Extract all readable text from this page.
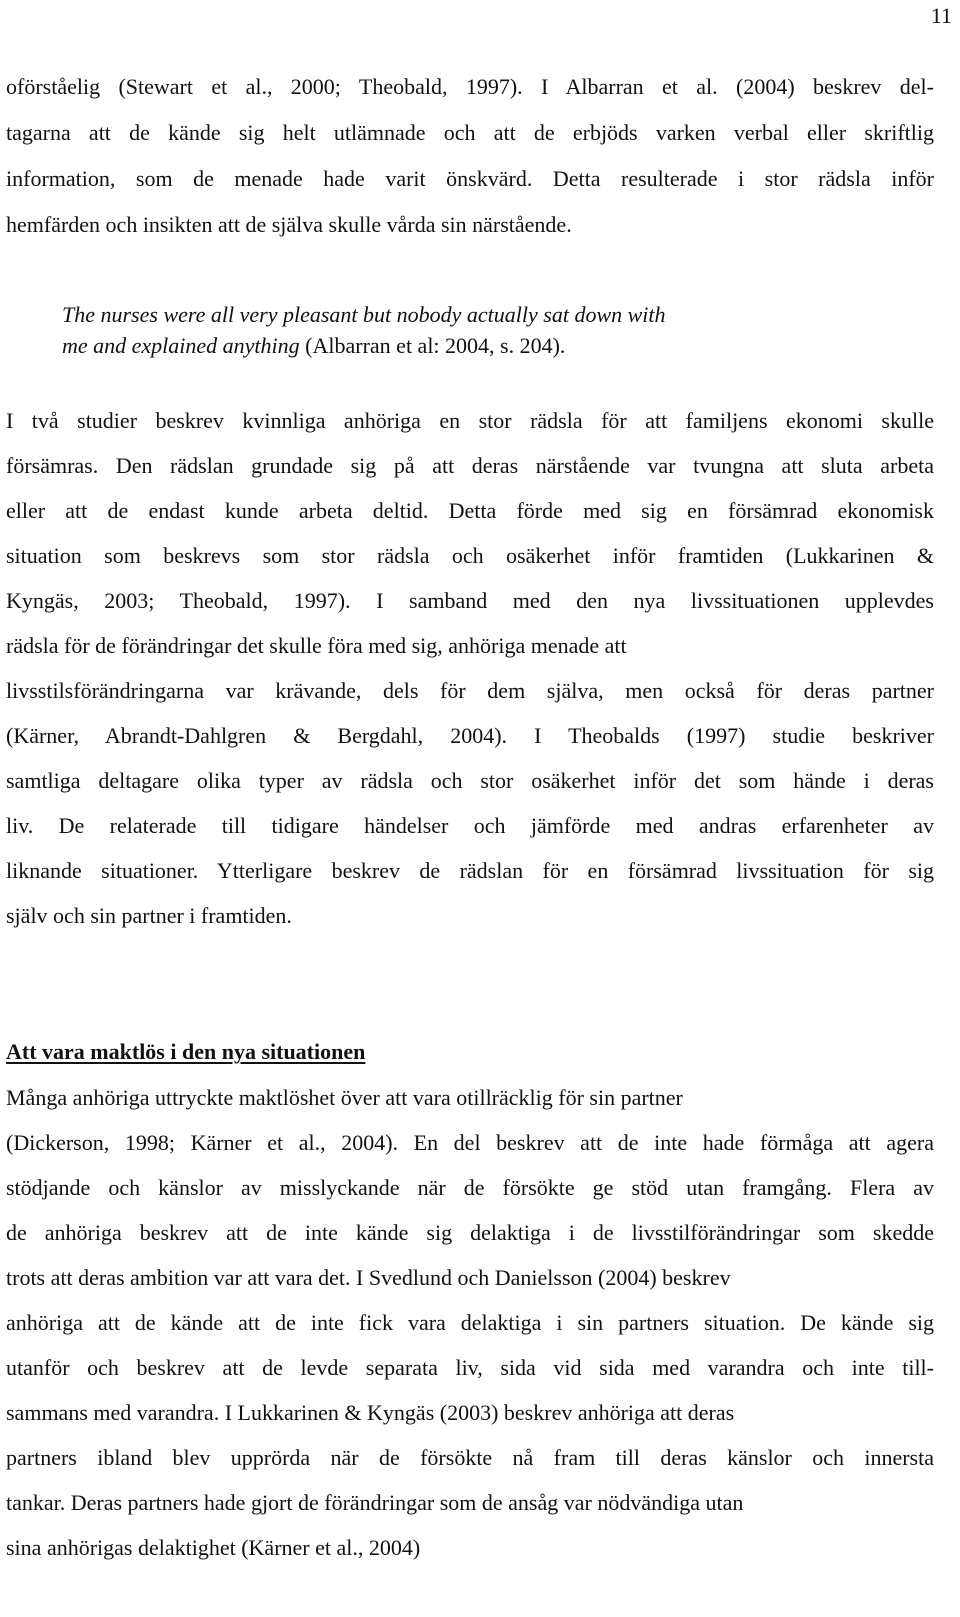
11
oförståelig (Stewart et al., 2000; Theobald, 1997). I Albarran et al. (2004) beskrev del-
tagarna att de kände sig helt utlämnade och att de erbjöds varken verbal eller skriftlig
information, som de menade hade varit önskvärd. Detta resulterade i stor rädsla inför
hemfärden och insikten att de själva skulle vårda sin närstående.
The nurses were all very pleasant but nobody actually sat down with
me and explained anything (Albarran et al: 2004, s. 204).
I två studier beskrev kvinnliga anhöriga en stor rädsla för att familjens ekonomi skulle
försämras. Den rädslan grundade sig på att deras närstående var tvungna att sluta arbeta
eller att de endast kunde arbeta deltid. Detta förde med sig en försämrad ekonomisk
situation som beskrevs som stor rädsla och osäkerhet inför framtiden (Lukkarinen &
Kyngäs, 2003; Theobald, 1997). I samband med den nya livssituationen upplevdes
rädsla för de förändringar det skulle föra med sig, anhöriga menade att
livsstilsförändringarna var krävande, dels för dem själva, men också för deras partner
(Kärner, Abrandt-Dahlgren & Bergdahl, 2004). I Theobalds (1997) studie beskriver
samtliga deltagare olika typer av rädsla och stor osäkerhet inför det som hände i deras
liv. De relaterade till tidigare händelser och jämförde med andras erfarenheter av
liknande situationer. Ytterligare beskrev de rädslan för en försämrad livssituation för sig
själv och sin partner i framtiden.
Att vara maktlös i den nya situationen
Många anhöriga uttryckte maktlöshet över att vara otillräcklig för sin partner
(Dickerson, 1998; Kärner et al., 2004). En del beskrev att de inte hade förmåga att agera
stödjande och känslor av misslyckande när de försökte ge stöd utan framgång. Flera av
de anhöriga beskrev att de inte kände sig delaktiga i de livsstilförändringar som skedde
trots att deras ambition var att vara det. I Svedlund och Danielsson (2004) beskrev
anhöriga att de kände att de inte fick vara delaktiga i sin partners situation. De kände sig
utanför och beskrev att de levde separata liv, sida vid sida med varandra och inte till-
sammans med varandra. I Lukkarinen & Kyngäs (2003) beskrev anhöriga att deras
partners ibland blev upprörda när de försökte nå fram till deras känslor och innersta
tankar. Deras partners hade gjort de förändringar som de ansåg var nödvändiga utan
sina anhörigas delaktighet (Kärner et al., 2004)
